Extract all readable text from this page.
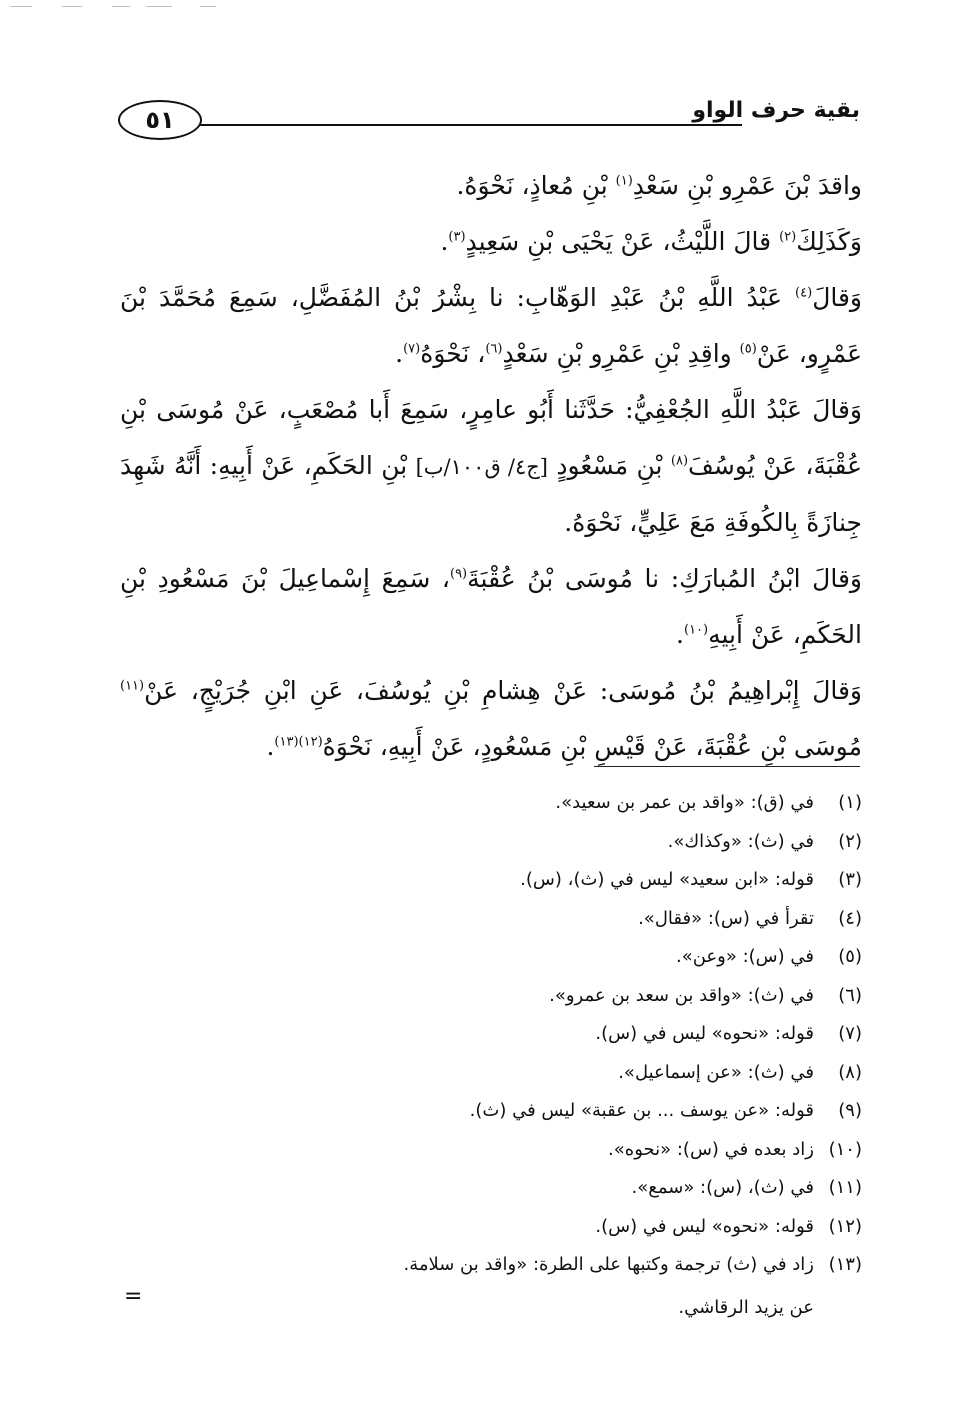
٥١	بقية حرف الواو

واقدَ بْنَ عَمْرِو بْنِ سَعْدِ$^{(١)}$ بْنِ مُعاذٍ، نَحْوَهُ.

وَكَذَلِكَ$^{(٢)}$ قالَ اللَّيْثُ، عَنْ يَحْيَى بْنِ سَعِيدٍ$^{(٣)}$.

وَقالَ$^{(٤)}$ عَبْدُ اللَّهِ بْنُ عَبْدِ الوَهّابِ: نا بِشْرُ بْنُ المُفَضَّلِ، سَمِعَ مُحَمَّدَ بْنَ عَمْرٍو، عَنْ$^{(٥)}$ واقِدِ بْنِ عَمْرِو بْنِ سَعْدٍ$^{(٦)}$، نَحْوَهُ$^{(٧)}$.

وَقالَ عَبْدُ اللَّهِ الجُعْفِيُّ: حَدَّثَنا أَبُو عامِرٍ، سَمِعَ أَبا مُصْعَبٍ، عَنْ مُوسَى بْنِ عُقْبَةَ، عَنْ يُوسُفَ$^{(٨)}$ بْنِ مَسْعُودٍ [ج٤/ ق١٠٠/ب] بْنِ الحَكَمِ، عَنْ أَبِيهِ: أَنَّهُ شَهِدَ جِنازَةً بِالكُوفَةِ مَعَ عَلِيٍّ، نَحْوَهُ.

وَقالَ ابْنُ المُبارَكِ: نا مُوسَى بْنُ عُقْبَةَ$^{(٩)}$، سَمِعَ إِسْماعِيلَ بْنَ مَسْعُودِ بْنِ الحَكَمِ، عَنْ أَبِيهِ$^{(١٠)}$.

وَقالَ إِبْراهِيمُ بْنُ مُوسَى: عَنْ هِشامِ بْنِ يُوسُفَ، عَنِ ابْنِ جُرَيْجٍ، عَنْ$^{(١١)}$ مُوسَى بْنِ عُقْبَةَ، عَنْ قَيْسِ بْنِ مَسْعُودٍ، عَنْ أَبِيهِ، نَحْوَهُ$^{(١٢)(١٣)}$.

(١)
في (ق): «واقد بن عمر بن سعيد».
(٢)
في (ث): «وكذاك».
(٣)
قوله: «ابن سعيد» ليس في (ث)، (س).
(٤)
تقرأ في (س): «فقال».
(٥)
في (س): «وعن».
(٦)
في (ث): «واقد بن سعد بن عمرو».
(٧)
قوله: «نحوه» ليس في (س).
(٨)
في (ث): «عن إسماعيل».
(٩)
قوله: «عن يوسف ... بن عقبة» ليس في (ث).
(١٠)
زاد بعده في (س): «نحوه».
(١١)
في (ث)، (س): «سمع».
(١٢)
قوله: «نحوه» ليس في (س).
(١٣)
زاد في (ث) ترجمة وكتبها على الطرة: «واقد بن سلامة.
عن يزيد الرقاشي.
=
